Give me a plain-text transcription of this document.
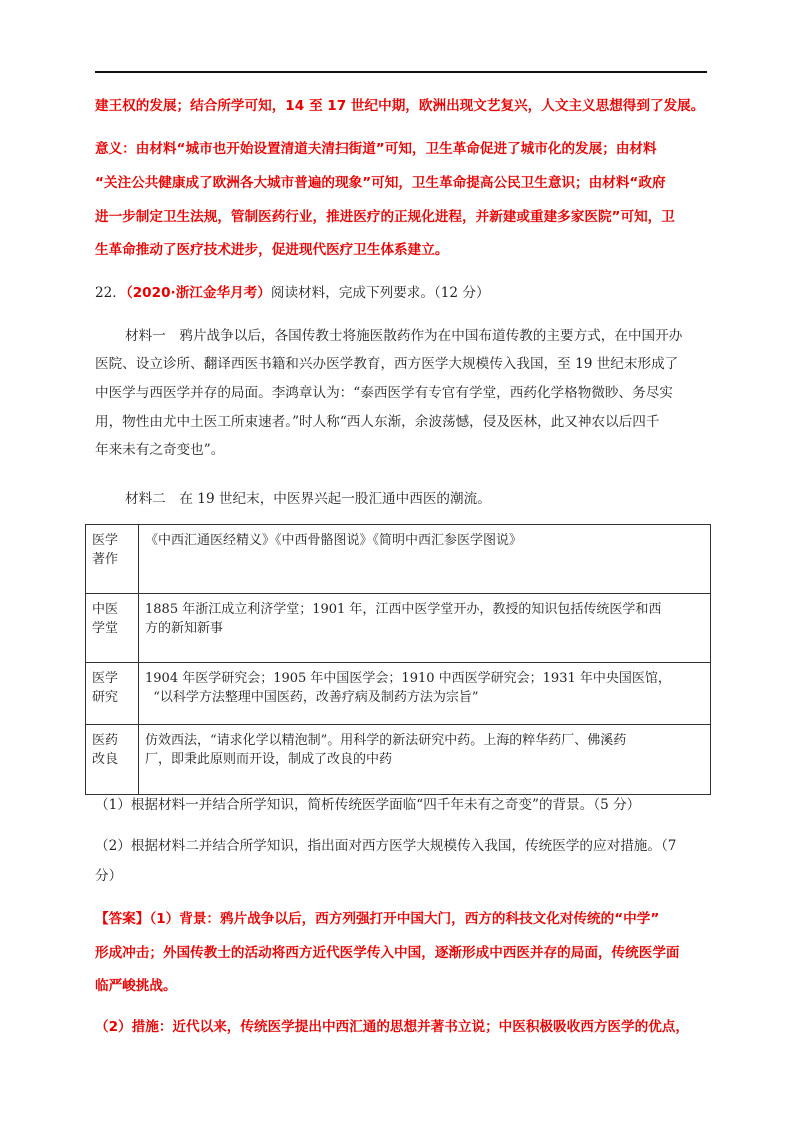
建王权的发展；结合所学可知，14 至 17 世纪中期，欧洲出现文艺复兴，人文主义思想得到了发展。
意义：由材料“城市也开始设置清道夫清扫街道”可知，卫生革命促进了城市化的发展；由材料
“关注公共健康成了欧洲各大城市普遍的现象”可知，卫生革命提高公民卫生意识；由材料“政府
进一步制定卫生法规，管制医药行业，推进医疗的正规化进程，并新建或重建多家医院”可知，卫
生革命推动了医疗技术进步，促进现代医疗卫生体系建立。
22．（2020·浙江金华月考）阅读材料，完成下列要求。（12 分）
材料一　鸦片战争以后，各国传教士将施医散药作为在中国布道传教的主要方式，在中国开办
医院、设立诊所、翻译西医书籍和兴办医学教育，西方医学大规模传入我国，至 19 世纪末形成了
中医学与西医学并存的局面。李鸿章认为：“泰西医学有专官有学堂，西药化学格物微眇、务尽实
用，物性由尤中土医工所束速者。”时人称“西人东渐，余波荡憾，侵及医林，此又神农以后四千
年来未有之奇变也”。
材料二　在 19 世纪末，中医界兴起一股汇通中西医的潮流。
医学
著作	《中西汇通医经精义》《中西骨骼图说》《简明中西汇参医学图说》
中医
学堂	1885 年浙江成立利济学堂；1901 年，江西中医学堂开办，教授的知识包括传统医学和西
方的新知新事
医学
研究	1904 年医学研究会；1905 年中国医学会；1910 中西医学研究会；1931 年中央国医馆，
“以科学方法整理中国医药，改善疗病及制药方法为宗旨”
医药
改良	仿效西法，“请求化学以精泡制”。用科学的新法研究中药。上海的粹华药厂、佛溪药
厂，即秉此原则而开设，制成了改良的中药
（1）根据材料一并结合所学知识，简析传统医学面临“四千年未有之奇变”的背景。（5 分）
（2）根据材料二并结合所学知识，指出面对西方医学大规模传入我国，传统医学的应对措施。（7
分）
【答案】（1）背景：鸦片战争以后，西方列强打开中国大门，西方的科技文化对传统的“中学”
形成冲击；外国传教士的活动将西方近代医学传入中国，逐渐形成中西医并存的局面，传统医学面
临严峻挑战。
（2）措施：近代以来，传统医学提出中西汇通的思想并著书立说；中医积极吸收西方医学的优点，
